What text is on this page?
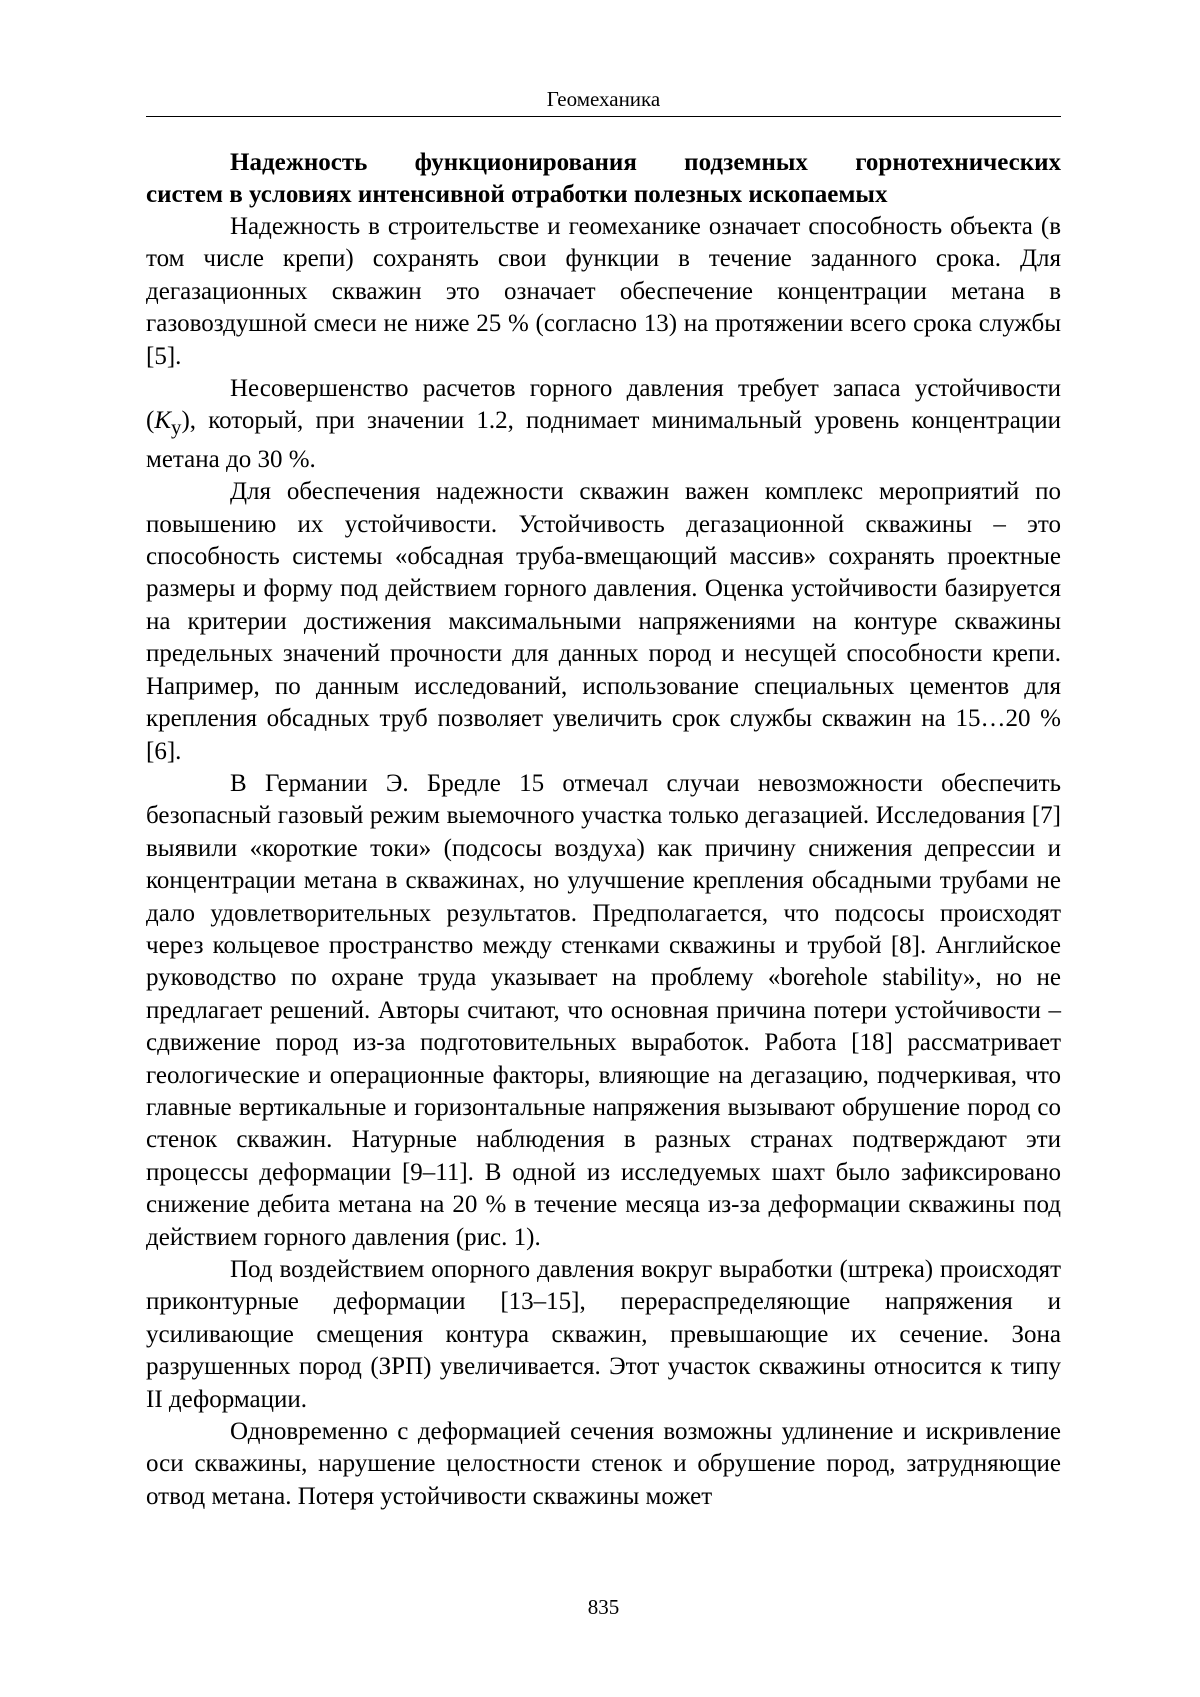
Геомеханика
Надежность функционирования подземных горнотехнических
систем в условиях интенсивной отработки полезных ископаемых

Надежность в строительстве и геомеханике означает способность объекта (в том числе крепи) сохранять свои функции в течение заданного срока. Для дегазационных скважин это означает обеспечение концентрации метана в газовоздушной смеси не ниже 25 % (согласно 13) на протяжении всего срока службы [5].

Несовершенство расчетов горного давления требует запаса устойчивости $(K_у)$, который, при значении 1.2, поднимает минимальный уровень концентрации метана до 30 %.

Для обеспечения надежности скважин важен комплекс мероприятий по повышению их устойчивости. Устойчивость дегазационной скважины – это способность системы «обсадная труба-вмещающий массив» сохранять проектные размеры и форму под действием горного давления. Оценка устойчивости базируется на критерии достижения максимальными напряжениями на контуре скважины предельных значений прочности для данных пород и несущей способности крепи. Например, по данным исследований, использование специальных цементов для крепления обсадных труб позволяет увеличить срок службы скважин на 15…20 % [6].

В Германии Э. Бредле 15 отмечал случаи невозможности обеспечить безопасный газовый режим выемочного участка только дегазацией. Исследования [7] выявили «короткие токи» (подсосы воздуха) как причину снижения депрессии и концентрации метана в скважинах, но улучшение крепления обсадными трубами не дало удовлетворительных результатов. Предполагается, что подсосы происходят через кольцевое пространство между стенками скважины и трубой [8]. Английское руководство по охране труда указывает на проблему «borehole stability», но не предлагает решений. Авторы считают, что основная причина потери устойчивости – сдвижение пород из-за подготовительных выработок. Работа [18] рассматривает геологические и операционные факторы, влияющие на дегазацию, подчеркивая, что главные вертикальные и горизонтальные напряжения вызывают обрушение пород со стенок скважин. Натурные наблюдения в разных странах подтверждают эти процессы деформации [9–11]. В одной из исследуемых шахт было зафиксировано снижение дебита метана на 20 % в течение месяца из-за деформации скважины под действием горного давления (рис. 1).

Под воздействием опорного давления вокруг выработки (штрека) происходят приконтурные деформации [13–15], перераспределяющие напряжения и усиливающие смещения контура скважин, превышающие их сечение. Зона разрушенных пород (ЗРП) увеличивается. Этот участок скважины относится к типу II деформации.

Одновременно с деформацией сечения возможны удлинение и искривление оси скважины, нарушение целостности стенок и обрушение пород, затрудняющие отвод метана. Потеря устойчивости скважины может

835
